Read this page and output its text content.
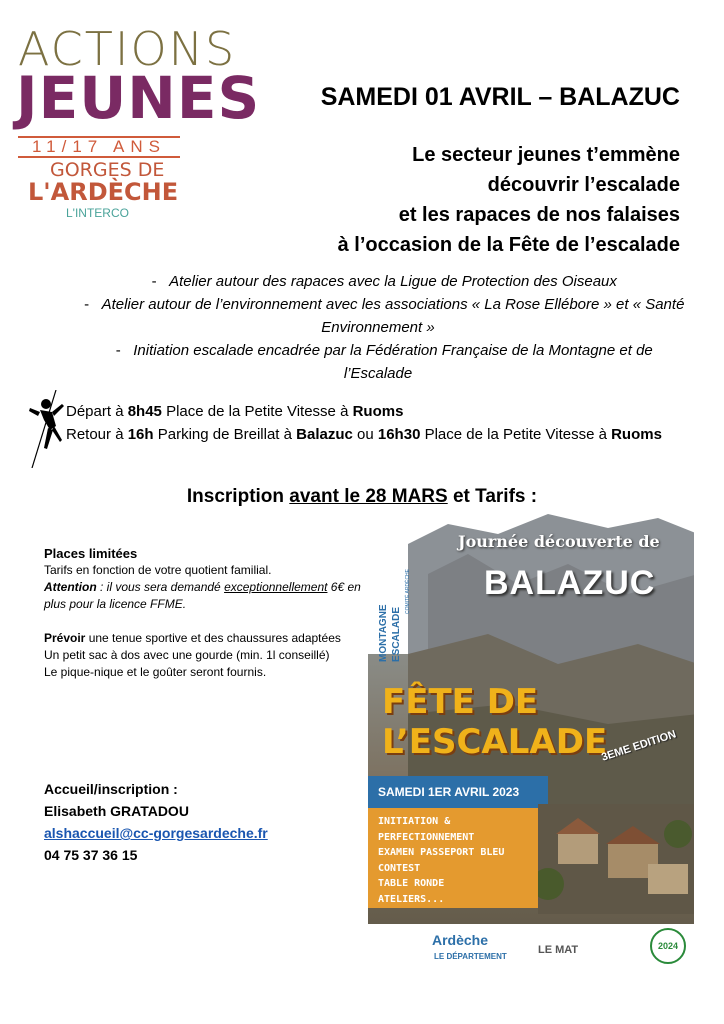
ACTIONS
JEUNES
11/17 ANS
GORGES DE
L'ARDÈCHE
L'INTERCO
SAMEDI 01 AVRIL – BALAZUC
Le secteur jeunes t’emmène
découvrir l’escalade
et les rapaces de nos falaises
à l’occasion de la Fête de l’escalade
- Atelier autour des rapaces avec la Ligue de Protection des Oiseaux
- Atelier autour de l’environnement avec les associations « La Rose Ellébore » et « Santé Environnement »
- Initiation escalade encadrée par la Fédération Française de la Montagne et de l’Escalade
Départ à 8h45 Place de la Petite Vitesse à Ruoms
Retour à 16h Parking de Breillat à Balazuc ou 16h30 Place de la Petite Vitesse à Ruoms
Inscription avant le 28 MARS et Tarifs :

Places limitées

Tarifs en fonction de votre quotient familial.

Attention : il vous sera demandé exceptionnellement 6€ en plus pour la licence FFME.

Prévoir une tenue sportive et des chaussures adaptées

Un petit sac à dos avec une gourde (min. 1l conseillé)

Le pique-nique et le goûter seront fournis.

Accueil/inscription :
Elisabeth GRATADOU
alshaccueil@cc-gorgesardeche.fr
04 75 37 36 15
Journée découverte de
BALAZUC
MONTAGNE ESCALADE
COMITÉ ARDÈCHE
FÊTE DE L’ESCALADE
3EME EDITION
SAMEDI 1ER AVRIL 2023
INITIATION & PERFECTIONNEMENT
EXAMEN PASSEPORT BLEU
CONTEST
TABLE RONDE
ATELIERS...
Ardèche
LE DÉPARTEMENT
LE MAT	2024
